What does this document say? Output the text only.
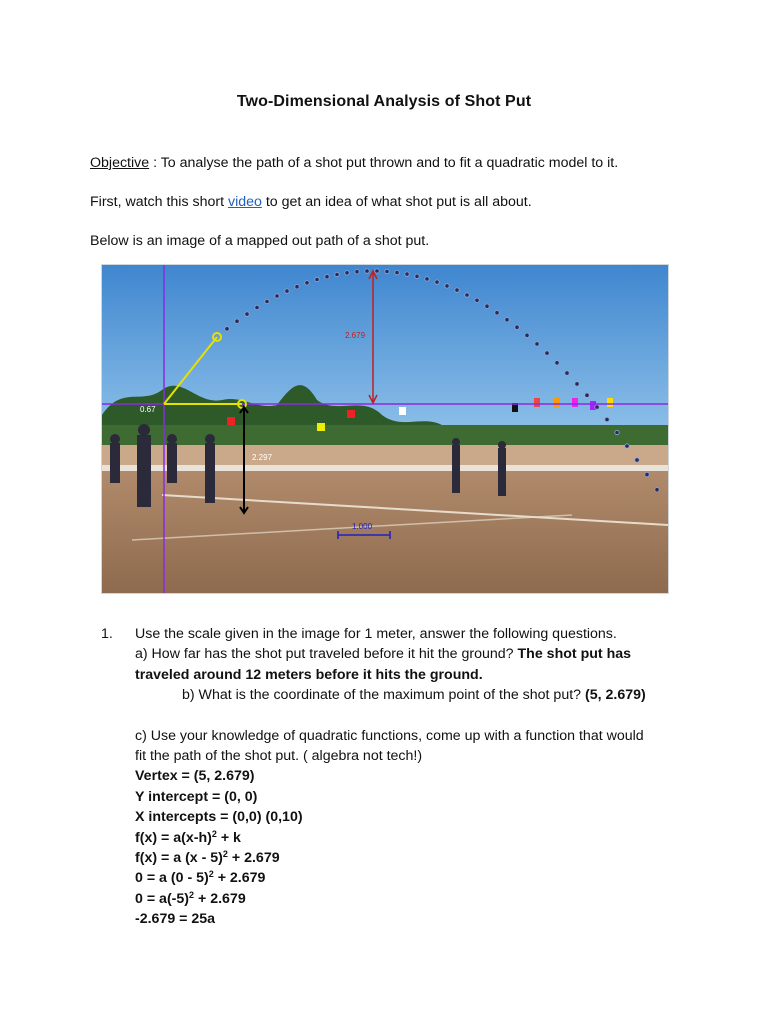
Two-Dimensional Analysis of Shot Put
Objective : To analyse the path of a shot put thrown and to fit a quadratic model to it.
First, watch this short video to get an idea of what shot put is all about.
Below is an image of a mapped out path of a shot put.
0.67
2.679
2.297
1.000
1. Use the scale given in the image for 1 meter, answer the following questions.
a) How far has the shot put traveled before it hit the ground? The shot put has
traveled around 12 meters before it hits the ground.
b) What is the coordinate of the maximum point of the shot put? (5, 2.679)
c) Use your knowledge of quadratic functions, come up with a function that would
fit the path of the shot put. ( algebra not tech!)
Vertex = (5, 2.679)
Y intercept = (0, 0)
X intercepts = (0,0) (0,10)
$f(x) = a(x-h)^2 + k$
f(x) = a (x - 5)$^2$ + 2.679
0 = a (0 - 5)$^2$ + 2.679
$0 = a(-5)^2 + 2.679$
-2.679 = 25a
